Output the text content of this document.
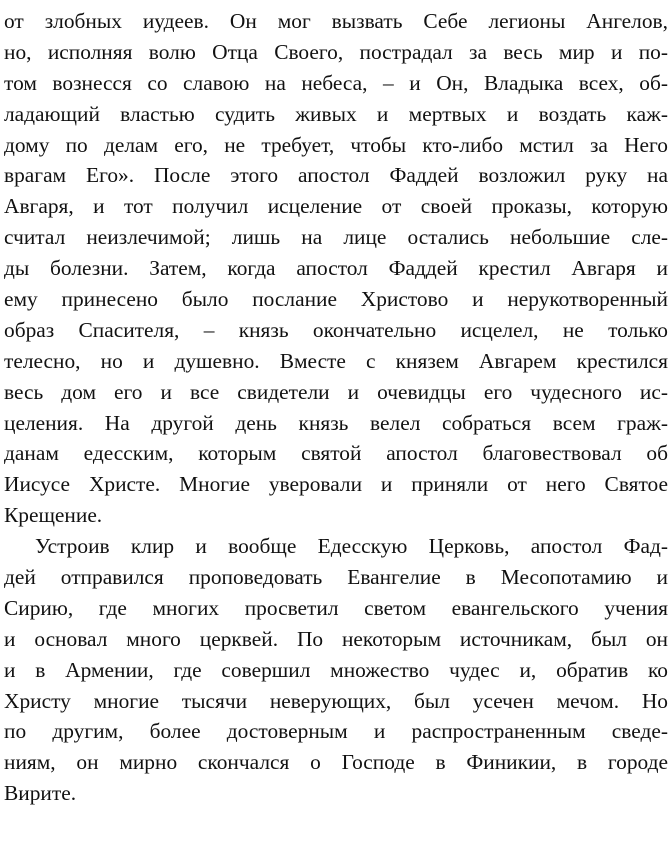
от злобных иудеев. Он мог вызвать Себе легионы Ангелов,
но, исполняя волю Отца Своего, пострадал за весь мир и по-
том вознесся со славою на небеса, – и Он, Владыка всех, об-
ладающий властью судить живых и мертвых и воздать каж-
дому по делам его, не требует, чтобы кто-либо мстил за Него
врагам Его». После этого апостол Фаддей возложил руку на
Авгаря, и тот получил исцеление от своей проказы, которую
считал неизлечимой; лишь на лице остались небольшие сле-
ды болезни. Затем, когда апостол Фаддей крестил Авгаря и
ему принесено было послание Христово и нерукотворенный
образ Спасителя, – князь окончательно исцелел, не только
телесно, но и душевно. Вместе с князем Авгарем крестился
весь дом его и все свидетели и очевидцы его чудесного ис-
целения. На другой день князь велел собраться всем граж-
данам едесским, которым святой апостол благовествовал об
Иисусе Христе. Многие уверовали и приняли от него Святое
Крещение.
Устроив клир и вообще Едесскую Церковь, апостол Фад-
дей отправился проповедовать Евангелие в Месопотамию и
Сирию, где многих просветил светом евангельского учения
и основал много церквей. По некоторым источникам, был он
и в Армении, где совершил множество чудес и, обратив ко
Христу многие тысячи неверующих, был усечен мечом. Но
по другим, более достоверным и распространенным сведе-
ниям, он мирно скончался о Господе в Финикии, в городе
Вирите.
